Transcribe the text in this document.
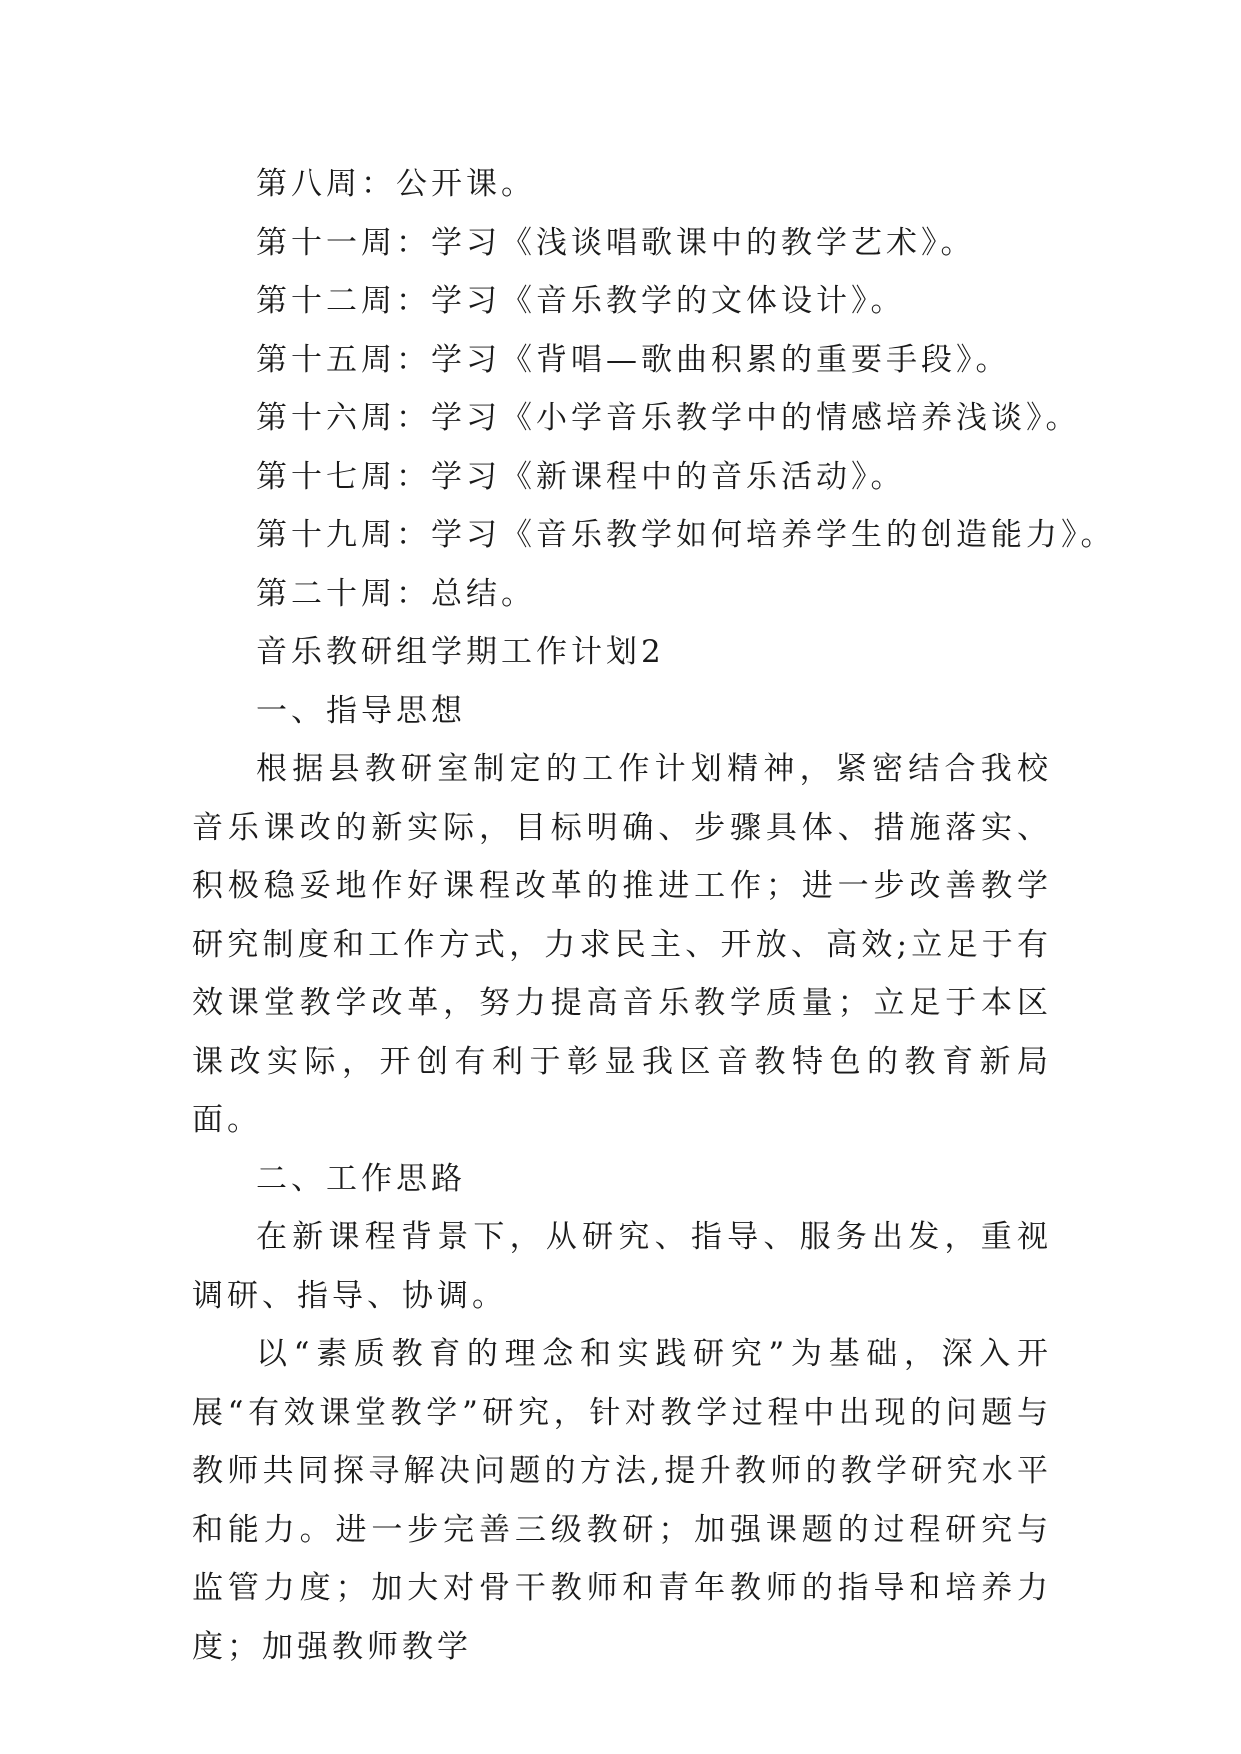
第八周：公开课。
第十一周：学习《浅谈唱歌课中的教学艺术》。
第十二周：学习《音乐教学的文体设计》。
第十五周：学习《背唱—歌曲积累的重要手段》。
第十六周：学习《小学音乐教学中的情感培养浅谈》。
第十七周：学习《新课程中的音乐活动》。
第十九周：学习《音乐教学如何培养学生的创造能力》。
第二十周：总结。
音乐教研组学期工作计划2
一、指导思想

根据县教研室制定的工作计划精神，紧密结合我校音乐课改的新实际，目标明确、步骤具体、措施落实、积极稳妥地作好课程改革的推进工作；进一步改善教学研究制度和工作方式，力求民主、开放、高效;立足于有效课堂教学改革，努力提高音乐教学质量；立足于本区课改实际，开创有利于彰显我区音教特色的教育新局面。

二、工作思路

在新课程背景下，从研究、指导、服务出发，重视调研、指导、协调。

以“素质教育的理念和实践研究”为基础，深入开展“有效课堂教学”研究，针对教学过程中出现的问题与教师共同探寻解决问题的方法,提升教师的教学研究水平和能力。进一步完善三级教研；加强课题的过程研究与监管力度；加大对骨干教师和青年教师的指导和培养力度；加强教师教学
